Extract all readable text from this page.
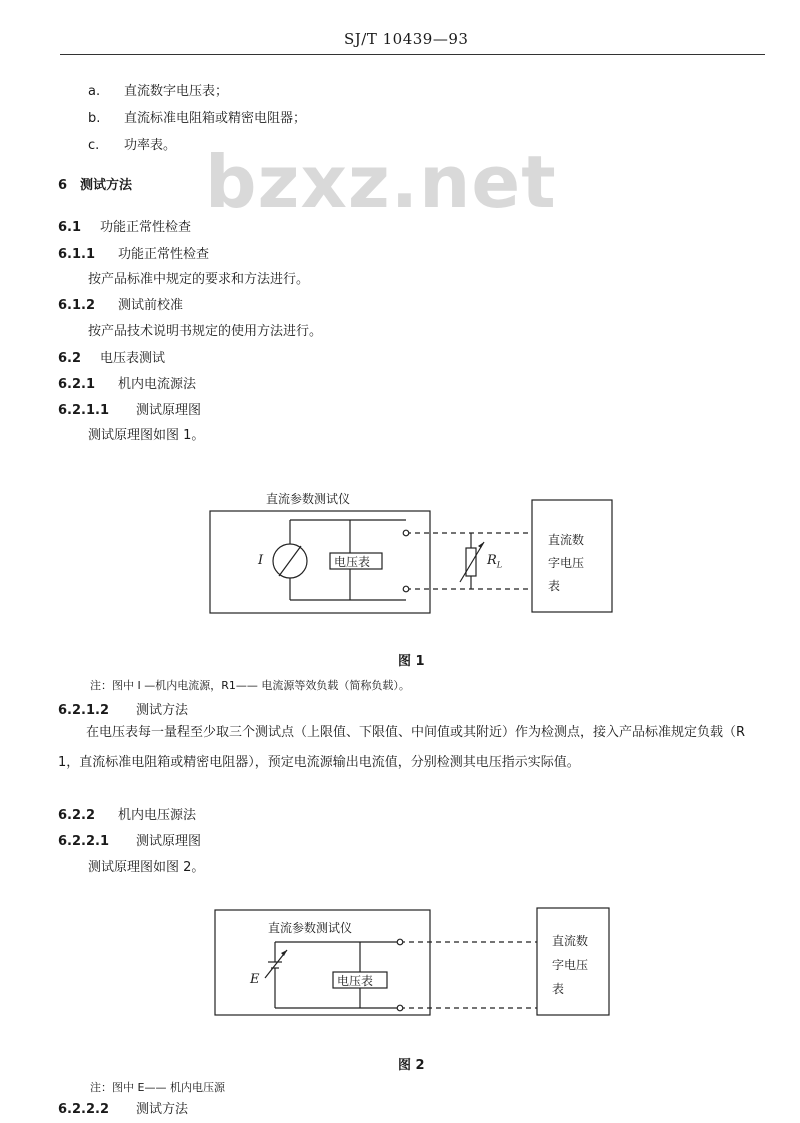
SJ/T 10439—93
bzxz.net
a. 直流数字电压表；
b. 直流标准电阻箱或精密电阻器；
c. 功率表。
6 测试方法
6.1 功能正常性检查
6.1.1 功能正常性检查
按产品标准中规定的要求和方法进行。
6.1.2 测试前校准
按产品技术说明书规定的使用方法进行。
6.2 电压表测试
6.2.1 机内电流源法
6.2.1.1 测试原理图
测试原理图如图 1。
直流参数测试仪
I	电压表	$R_L$
直流数
字电压
表
图 1
注：图中 I —机内电流源，R1—— 电流源等效负载（简称负载）。
6.2.1.2 测试方法
在电压表每一量程至少取三个测试点（上限值、下限值、中间值或其附近）作为检测点，接入产品标准规定负载（R 1，直流标准电阻箱或精密电阻器），预定电流源输出电流值，分别检测其电压指示实际值。
6.2.2 机内电压源法
6.2.2.1 测试原理图
测试原理图如图 2。
直流参数测试仪
E	电压表
直流数
字电压
表
图 2
注：图中 E—— 机内电压源
6.2.2.2 测试方法
